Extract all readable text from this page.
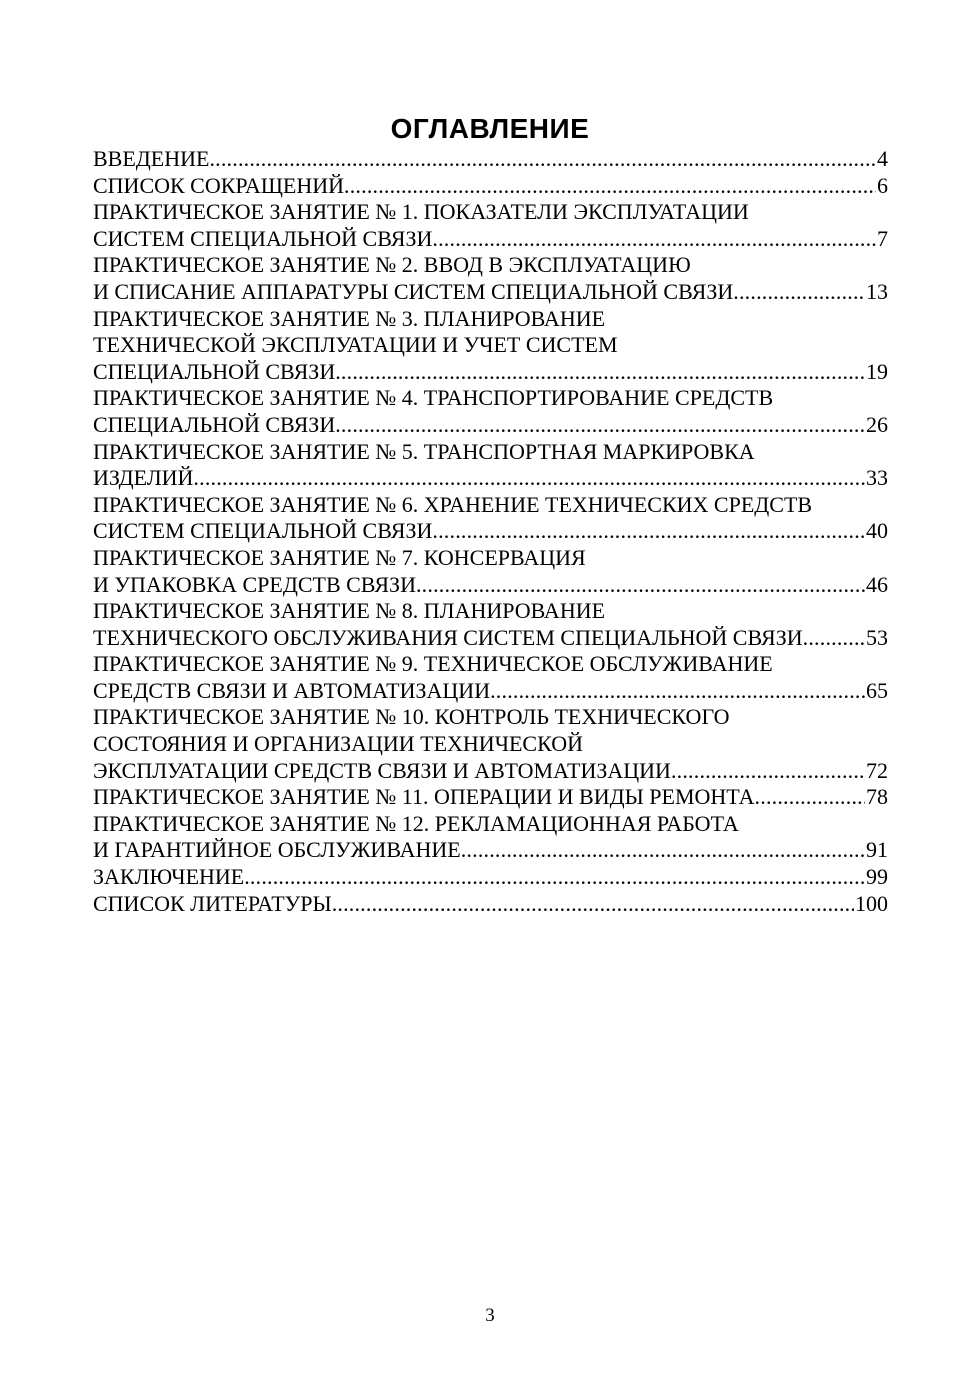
ОГЛАВЛЕНИЕ
ВВЕДЕНИЕ .....	4
СПИСОК СОКРАЩЕНИЙ .....	6
ПРАКТИЧЕСКОЕ ЗАНЯТИЕ № 1. ПОКАЗАТЕЛИ ЭКСПЛУАТАЦИИ
СИСТЕМ СПЕЦИАЛЬНОЙ СВЯЗИ .....	7
ПРАКТИЧЕСКОЕ ЗАНЯТИЕ № 2. ВВОД В ЭКСПЛУАТАЦИЮ
И СПИСАНИЕ АППАРАТУРЫ СИСТЕМ СПЕЦИАЛЬНОЙ СВЯЗИ .....	13
ПРАКТИЧЕСКОЕ ЗАНЯТИЕ № 3. ПЛАНИРОВАНИЕ
ТЕХНИЧЕСКОЙ ЭКСПЛУАТАЦИИ И УЧЕТ СИСТЕМ
СПЕЦИАЛЬНОЙ СВЯЗИ .....	19
ПРАКТИЧЕСКОЕ ЗАНЯТИЕ № 4. ТРАНСПОРТИРОВАНИЕ СРЕДСТВ
СПЕЦИАЛЬНОЙ СВЯЗИ .....	26
ПРАКТИЧЕСКОЕ ЗАНЯТИЕ № 5. ТРАНСПОРТНАЯ МАРКИРОВКА
ИЗДЕЛИЙ .....	33
ПРАКТИЧЕСКОЕ ЗАНЯТИЕ № 6. ХРАНЕНИЕ ТЕХНИЧЕСКИХ СРЕДСТВ
СИСТЕМ СПЕЦИАЛЬНОЙ СВЯЗИ .....	40
ПРАКТИЧЕСКОЕ ЗАНЯТИЕ № 7. КОНСЕРВАЦИЯ
И УПАКОВКА СРЕДСТВ СВЯЗИ .....	46
ПРАКТИЧЕСКОЕ ЗАНЯТИЕ № 8. ПЛАНИРОВАНИЕ
ТЕХНИЧЕСКОГО ОБСЛУЖИВАНИЯ СИСТЕМ СПЕЦИАЛЬНОЙ СВЯЗИ .....	53
ПРАКТИЧЕСКОЕ ЗАНЯТИЕ № 9. ТЕХНИЧЕСКОЕ ОБСЛУЖИВАНИЕ
СРЕДСТВ СВЯЗИ И АВТОМАТИЗАЦИИ .....	65
ПРАКТИЧЕСКОЕ ЗАНЯТИЕ № 10. КОНТРОЛЬ ТЕХНИЧЕСКОГО
СОСТОЯНИЯ И ОРГАНИЗАЦИИ ТЕХНИЧЕСКОЙ
ЭКСПЛУАТАЦИИ СРЕДСТВ СВЯЗИ И АВТОМАТИЗАЦИИ .....	72
ПРАКТИЧЕСКОЕ ЗАНЯТИЕ № 11. ОПЕРАЦИИ И ВИДЫ РЕМОНТА .....	78
ПРАКТИЧЕСКОЕ ЗАНЯТИЕ № 12. РЕКЛАМАЦИОННАЯ РАБОТА
И ГАРАНТИЙНОЕ ОБСЛУЖИВАНИЕ .....	91
ЗАКЛЮЧЕНИЕ .....	99
СПИСОК ЛИТЕРАТУРЫ .....	100
3
